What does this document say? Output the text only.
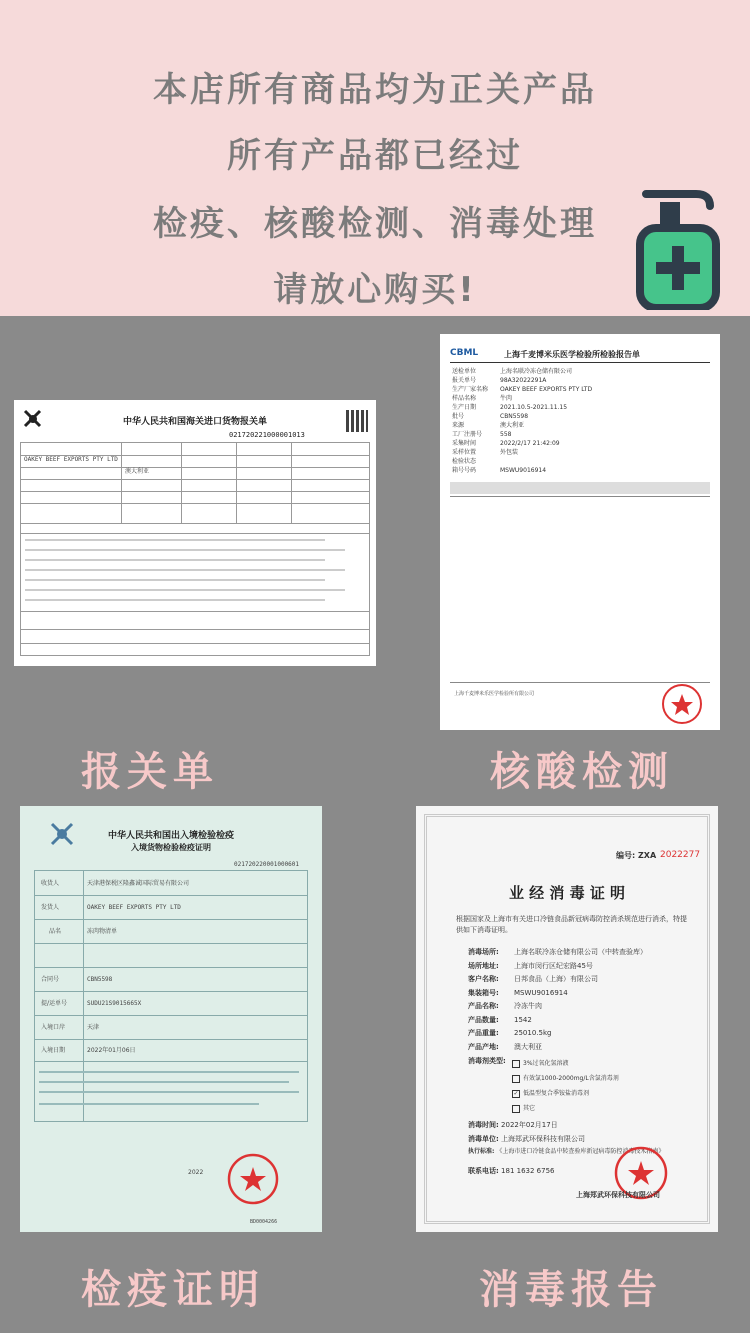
本店所有商品均为正关产品
所有产品都已经过
检疫、核酸检测、消毒处理
请放心购买!
中华人民共和国海关进口货物报关单
021720221000001013
OAKEY BEEF EXPORTS PTY LTD
澳大利亚
报关单
CBML	上海千麦博米乐医学检验所检验报告单
送检单位	上海名联冷冻仓储有限公司
报关单号	98A32022291A
生产厂家名称	OAKEY BEEF EXPORTS PTY LTD
样品名称	牛肉
生产日期	2021.10.5-2021.11.15
批号	CBN5598
来源	澳大利亚
工厂注册号	558
采集时间	2022/2/17 21:42:09
采样位置	外包装
检验状态
箱号号码	MSWU9016914
上海千麦博米乐医学检验所有限公司
核酸检测
中华人民共和国出入境检验检疫
入境货物检验检疫证明
021720220001000601
收货人	天津港保税区隆鑫诚国际贸易有限公司
发货人	OAKEY BEEF EXPORTS PTY LTD
品名	冻肉物清单
合同号	CBN5598
提/运单号	SUDU21S9015665X
入境口岸	天津
入境日期	2022年01月06日
2022
BD0004266
检疫证明
编号: ZXA 2022277
业 经 消 毒 证 明
根据国家及上海市有关进口冷链食品新冠病毒防控消杀规范进行消杀，特提供如下消毒证明。
消毒场所:	上海名联冷冻仓储有限公司（中转查验库）
场所地址:	上海市闵行区纪宏路45号
客户名称:	日邦食品（上海）有限公司
集装箱号:	MSWU9016914
产品名称:	冷冻牛肉
产品数量:	1542
产品重量:	25010.5kg
产品产地:	澳大利亚
消毒剂类型:	3%过氧化氢溶液
有效氯1000-2000mg/L含氯消毒剂
✓ 低温型复合季铵盐消毒剂
其它
消毒时间: 2022年02月17日
消毒单位: 上海郑武环保科技有限公司
执行标准: 《上海市进口冷链食品中转查验库新冠病毒防控消毒技术指南》
联系电话: 181 1632 6756
上海郑武环保科技有限公司
消毒报告
